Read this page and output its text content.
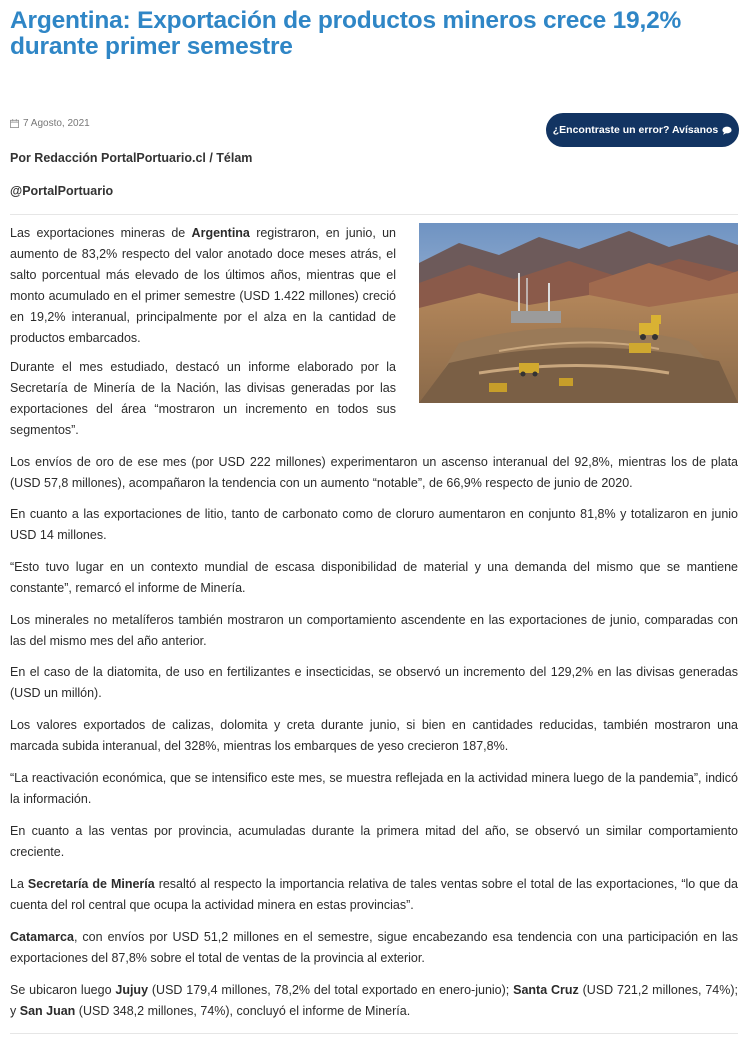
Argentina: Exportación de productos mineros crece 19,2% durante primer semestre
7 Agosto, 2021
¿Encontraste un error? Avísanos
Por Redacción PortalPortuario.cl / Télam
@PortalPortuario

Las exportaciones mineras de Argentina registraron, en junio, un aumento de 83,2% respecto del valor anotado doce meses atrás, el salto porcentual más elevado de los últimos años, mientras que el monto acumulado en el primer semestre (USD 1.422 millones) creció en 19,2% interanual, principalmente por el alza en la cantidad de productos embarcados.

Durante el mes estudiado, destacó un informe elaborado por la Secretaría de Minería de la Nación, las divisas generadas por las exportaciones del área “mostraron un incremento en todos sus segmentos”.

Los envíos de oro de ese mes (por USD 222 millones) experimentaron un ascenso interanual del 92,8%, mientras los de plata (USD 57,8 millones), acompañaron la tendencia con un aumento “notable”, de 66,9% respecto de junio de 2020.

En cuanto a las exportaciones de litio, tanto de carbonato como de cloruro aumentaron en conjunto 81,8% y totalizaron en junio USD 14 millones.

“Esto tuvo lugar en un contexto mundial de escasa disponibilidad de material y una demanda del mismo que se mantiene constante”, remarcó el informe de Minería.

Los minerales no metalíferos también mostraron un comportamiento ascendente en las exportaciones de junio, comparadas con las del mismo mes del año anterior.

En el caso de la diatomita, de uso en fertilizantes e insecticidas, se observó un incremento del 129,2% en las divisas generadas (USD un millón).

Los valores exportados de calizas, dolomita y creta durante junio, si bien en cantidades reducidas, también mostraron una marcada subida interanual, del 328%, mientras los embarques de yeso crecieron 187,8%.

“La reactivación económica, que se intensifico este mes, se muestra reflejada en la actividad minera luego de la pandemia”, indicó la información.

En cuanto a las ventas por provincia, acumuladas durante la primera mitad del año, se observó un similar comportamiento creciente.

La Secretaría de Minería resaltó al respecto la importancia relativa de tales ventas sobre el total de las exportaciones, “lo que da cuenta del rol central que ocupa la actividad minera en estas provincias”.

Catamarca, con envíos por USD 51,2 millones en el semestre, sigue encabezando esa tendencia con una participación en las exportaciones del 87,8% sobre el total de ventas de la provincia al exterior.

Se ubicaron luego Jujuy (USD 179,4 millones, 78,2% del total exportado en enero-junio); Santa Cruz (USD 721,2 millones, 74%); y San Juan (USD 348,2 millones, 74%), concluyó el informe de Minería.
